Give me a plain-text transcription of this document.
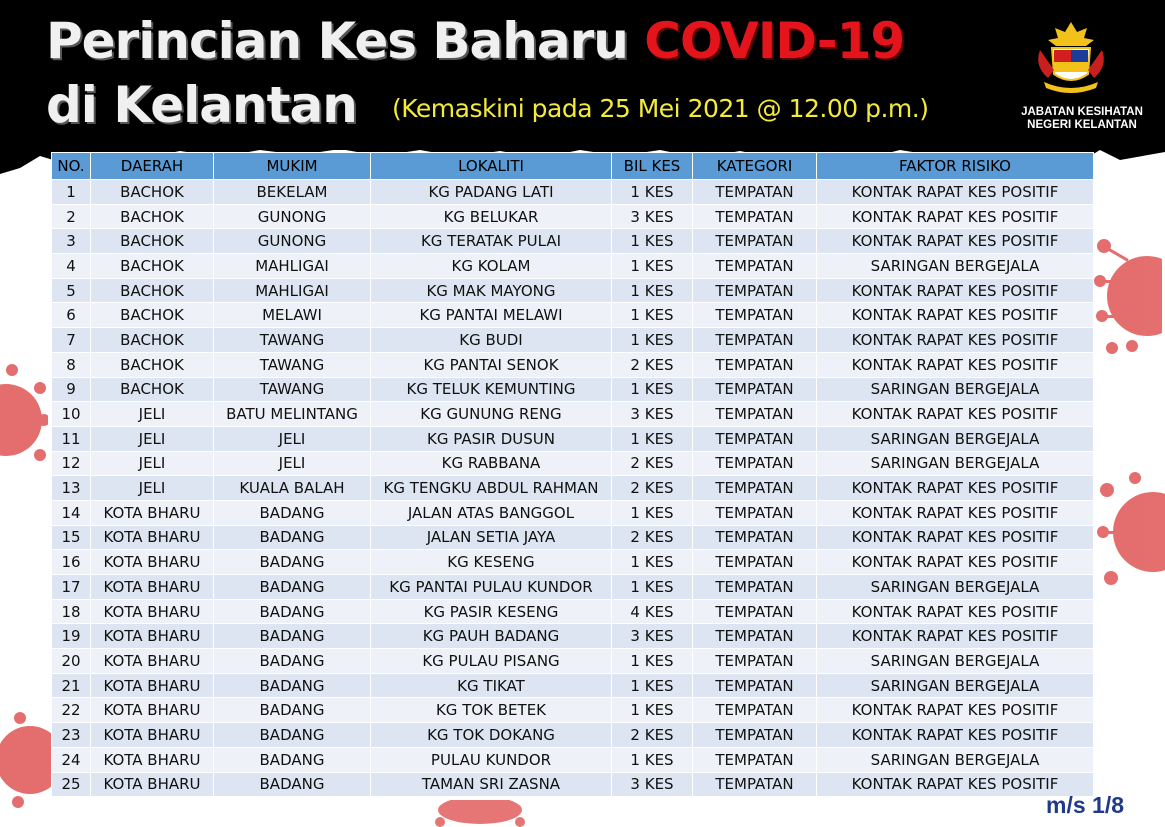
Perincian Kes Baharu COVID-19
di Kelantan (Kemaskini pada 25 Mei 2021 @ 12.00 p.m.)	JABATAN KESIHATAN
NEGERI KELANTAN
NO.	DAERAH	MUKIM	LOKALITI	BIL KES	KATEGORI	FAKTOR RISIKO
1	BACHOK	BEKELAM	KG PADANG LATI	1 KES	TEMPATAN	KONTAK RAPAT KES POSITIF
2	BACHOK	GUNONG	KG BELUKAR	3 KES	TEMPATAN	KONTAK RAPAT KES POSITIF
3	BACHOK	GUNONG	KG TERATAK PULAI	1 KES	TEMPATAN	KONTAK RAPAT KES POSITIF
4	BACHOK	MAHLIGAI	KG KOLAM	1 KES	TEMPATAN	SARINGAN BERGEJALA
5	BACHOK	MAHLIGAI	KG MAK MAYONG	1 KES	TEMPATAN	KONTAK RAPAT KES POSITIF
6	BACHOK	MELAWI	KG PANTAI MELAWI	1 KES	TEMPATAN	KONTAK RAPAT KES POSITIF
7	BACHOK	TAWANG	KG BUDI	1 KES	TEMPATAN	KONTAK RAPAT KES POSITIF
8	BACHOK	TAWANG	KG PANTAI SENOK	2 KES	TEMPATAN	KONTAK RAPAT KES POSITIF
9	BACHOK	TAWANG	KG TELUK KEMUNTING	1 KES	TEMPATAN	SARINGAN BERGEJALA
10	JELI	BATU MELINTANG	KG GUNUNG RENG	3 KES	TEMPATAN	KONTAK RAPAT KES POSITIF
11	JELI	JELI	KG PASIR DUSUN	1 KES	TEMPATAN	SARINGAN BERGEJALA
12	JELI	JELI	KG RABBANA	2 KES	TEMPATAN	SARINGAN BERGEJALA
13	JELI	KUALA BALAH	KG TENGKU ABDUL RAHMAN	2 KES	TEMPATAN	KONTAK RAPAT KES POSITIF
14	KOTA BHARU	BADANG	JALAN ATAS BANGGOL	1 KES	TEMPATAN	KONTAK RAPAT KES POSITIF
15	KOTA BHARU	BADANG	JALAN SETIA JAYA	2 KES	TEMPATAN	KONTAK RAPAT KES POSITIF
16	KOTA BHARU	BADANG	KG KESENG	1 KES	TEMPATAN	KONTAK RAPAT KES POSITIF
17	KOTA BHARU	BADANG	KG PANTAI PULAU KUNDOR	1 KES	TEMPATAN	SARINGAN BERGEJALA
18	KOTA BHARU	BADANG	KG PASIR KESENG	4 KES	TEMPATAN	KONTAK RAPAT KES POSITIF
19	KOTA BHARU	BADANG	KG PAUH BADANG	3 KES	TEMPATAN	KONTAK RAPAT KES POSITIF
20	KOTA BHARU	BADANG	KG PULAU PISANG	1 KES	TEMPATAN	SARINGAN BERGEJALA
21	KOTA BHARU	BADANG	KG TIKAT	1 KES	TEMPATAN	SARINGAN BERGEJALA
22	KOTA BHARU	BADANG	KG TOK BETEK	1 KES	TEMPATAN	KONTAK RAPAT KES POSITIF
23	KOTA BHARU	BADANG	KG TOK DOKANG	2 KES	TEMPATAN	KONTAK RAPAT KES POSITIF
24	KOTA BHARU	BADANG	PULAU KUNDOR	1 KES	TEMPATAN	SARINGAN BERGEJALA
25	KOTA BHARU	BADANG	TAMAN SRI ZASNA	3 KES	TEMPATAN	KONTAK RAPAT KES POSITIF
m/s 1/8
